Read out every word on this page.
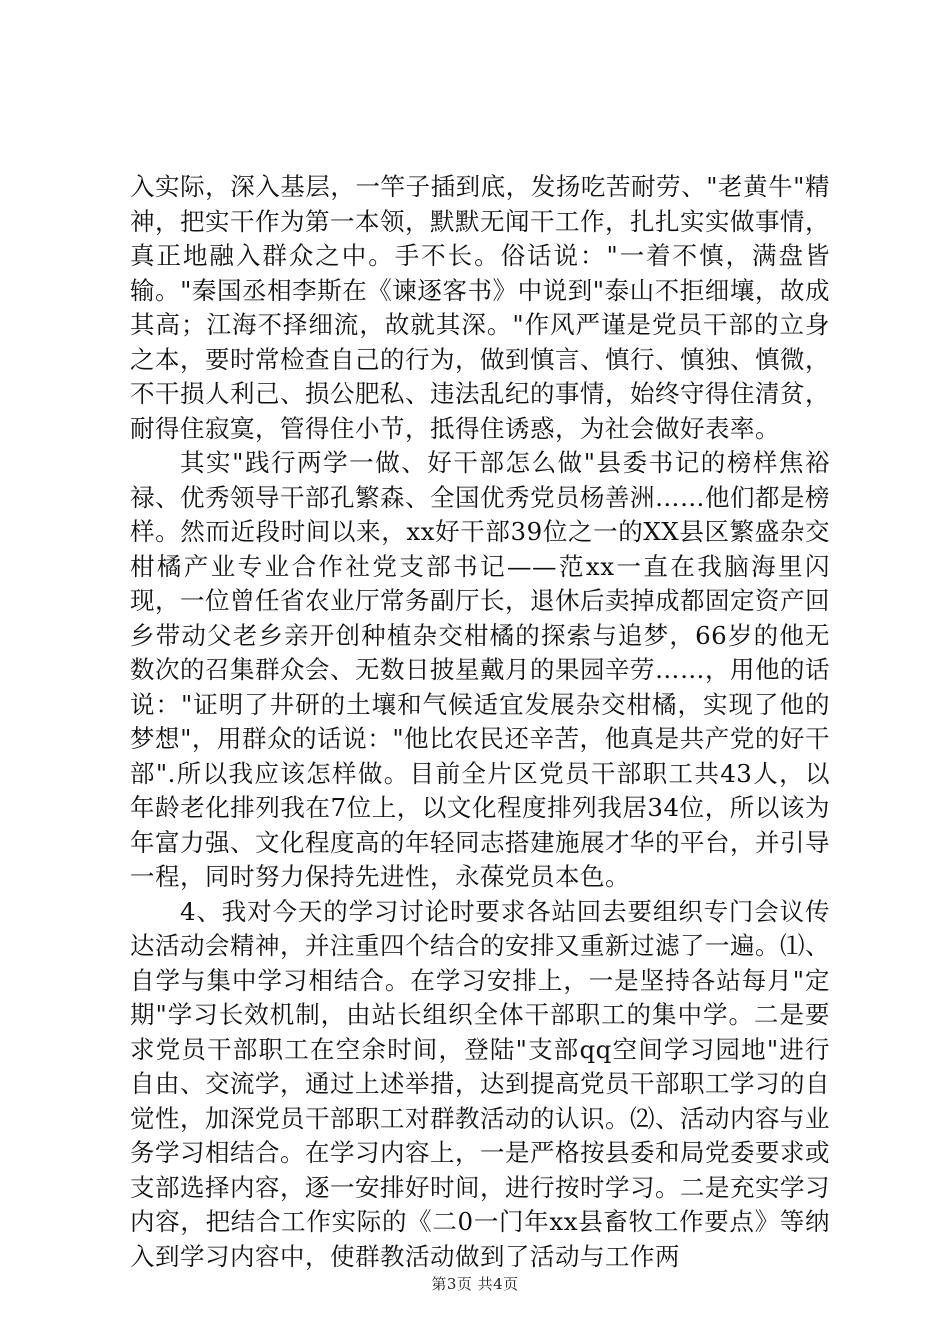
入实际，深入基层，一竿子插到底，发扬吃苦耐劳、"老黄牛"精神，把实干作为第一本领，默默无闻干工作，扎扎实实做事情，真正地融入群众之中。手不长。俗话说："一着不慎，满盘皆输。"秦国丞相李斯在《谏逐客书》中说到"泰山不拒细壤，故成其高；江海不择细流，故就其深。"作风严谨是党员干部的立身之本，要时常检查自己的行为，做到慎言、慎行、慎独、慎微，不干损人利己、损公肥私、违法乱纪的事情，始终守得住清贫，耐得住寂寞，管得住小节，抵得住诱惑，为社会做好表率。

其实"践行两学一做、好干部怎么做"县委书记的榜样焦裕禄、优秀领导干部孔繁森、全国优秀党员杨善洲……他们都是榜样。然而近段时间以来，xx好干部39位之一的XX县区繁盛杂交柑橘产业专业合作社党支部书记——范xx一直在我脑海里闪现，一位曾任省农业厅常务副厅长，退休后卖掉成都固定资产回乡带动父老乡亲开创种植杂交柑橘的探索与追梦，66岁的他无数次的召集群众会、无数日披星戴月的果园辛劳……，用他的话说："证明了井研的土壤和气候适宜发展杂交柑橘，实现了他的梦想"，用群众的话说："他比农民还辛苦，他真是共产党的好干部".所以我应该怎样做。目前全片区党员干部职工共43人，以年龄老化排列我在7位上，以文化程度排列我居34位，所以该为年富力强、文化程度高的年轻同志搭建施展才华的平台，并引导一程，同时努力保持先进性，永葆党员本色。

4、我对今天的学习讨论时要求各站回去要组织专门会议传达活动会精神，并注重四个结合的安排又重新过滤了一遍。⑴、自学与集中学习相结合。在学习安排上，一是坚持各站每月"定期"学习长效机制，由站长组织全体干部职工的集中学。二是要求党员干部职工在空余时间，登陆"支部qq空间学习园地"进行自由、交流学，通过上述举措，达到提高党员干部职工学习的自觉性，加深党员干部职工对群教活动的认识。⑵、活动内容与业务学习相结合。在学习内容上，一是严格按县委和局党委要求或支部选择内容，逐一安排好时间，进行按时学习。二是充实学习内容，把结合工作实际的《二0一门年xx县畜牧工作要点》等纳入到学习内容中，使群教活动做到了活动与工作两

第3页 共4页
